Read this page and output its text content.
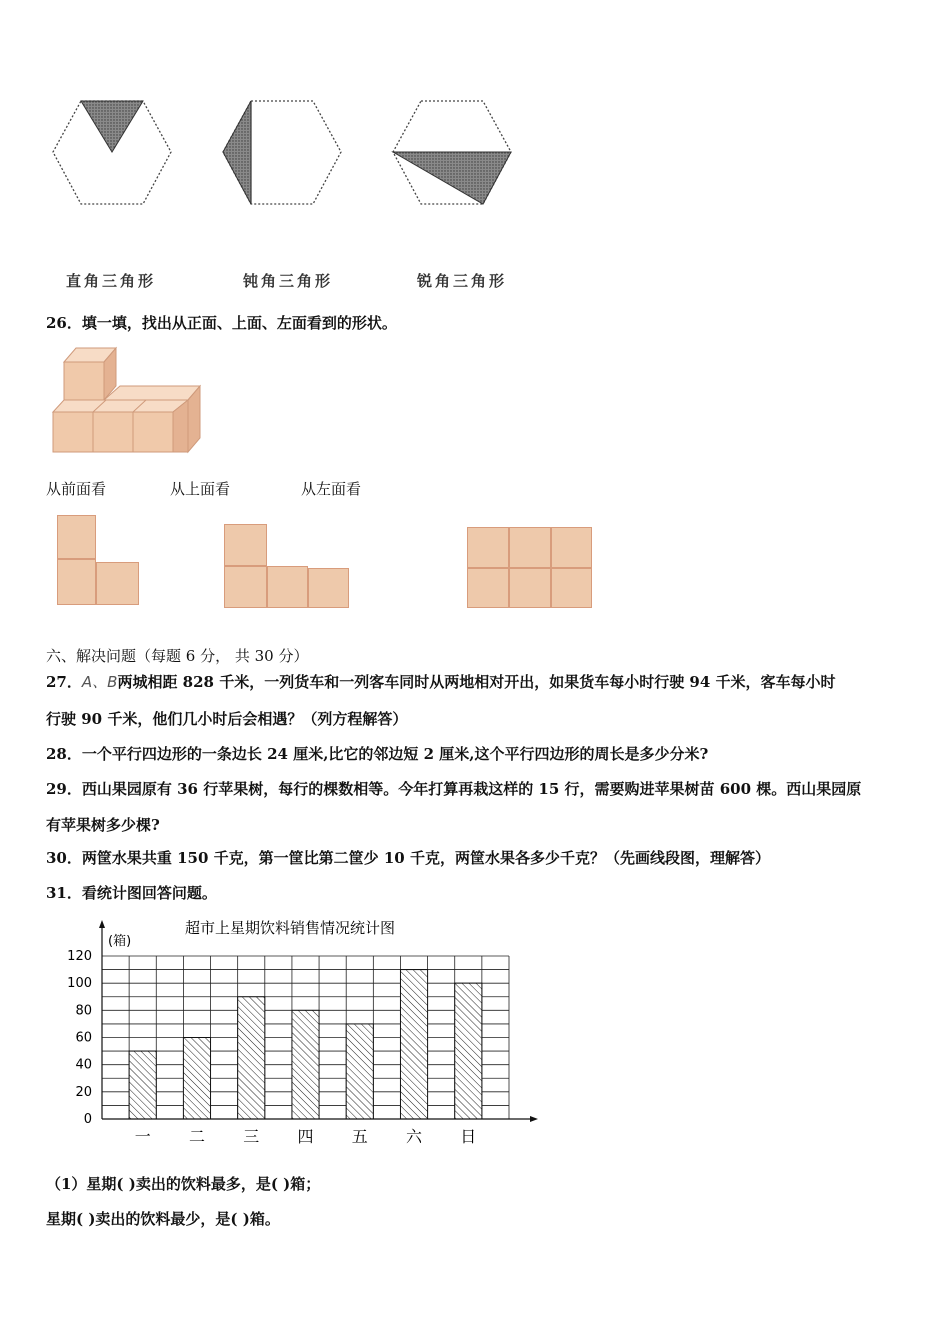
直角三角形	钝角三角形	锐角三角形
26．填一填，找出从正面、上面、左面看到的形状。
从前面看	从上面看	从左面看
六、解决问题（每题 6 分， 共 30 分）
27．A、B两城相距 828 千米，一列货车和一列客车同时从两地相对开出，如果货车每小时行驶 94 千米，客车每小时
行驶 90 千米，他们几小时后会相遇？（列方程解答）
28．一个平行四边形的一条边长 24 厘米,比它的邻边短 2 厘米,这个平行四边形的周长是多少分米?
29．西山果园原有 36 行苹果树，每行的棵数相等。今年打算再栽这样的 15 行，需要购进苹果树苗 600 棵。西山果园原
有苹果树多少棵?
30．两筐水果共重 150 千克，第一筐比第二筐少 10 千克，两筐水果各多少千克？（先画线段图，理解答）
31．看统计图回答问题。
超市上星期饮料销售情况统计图
(箱)
0
20
40
60
80
100
120
一 二 三 四 五 六 日
（1）星期( )卖出的饮料最多，是( )箱；
星期( )卖出的饮料最少，是( )箱。
